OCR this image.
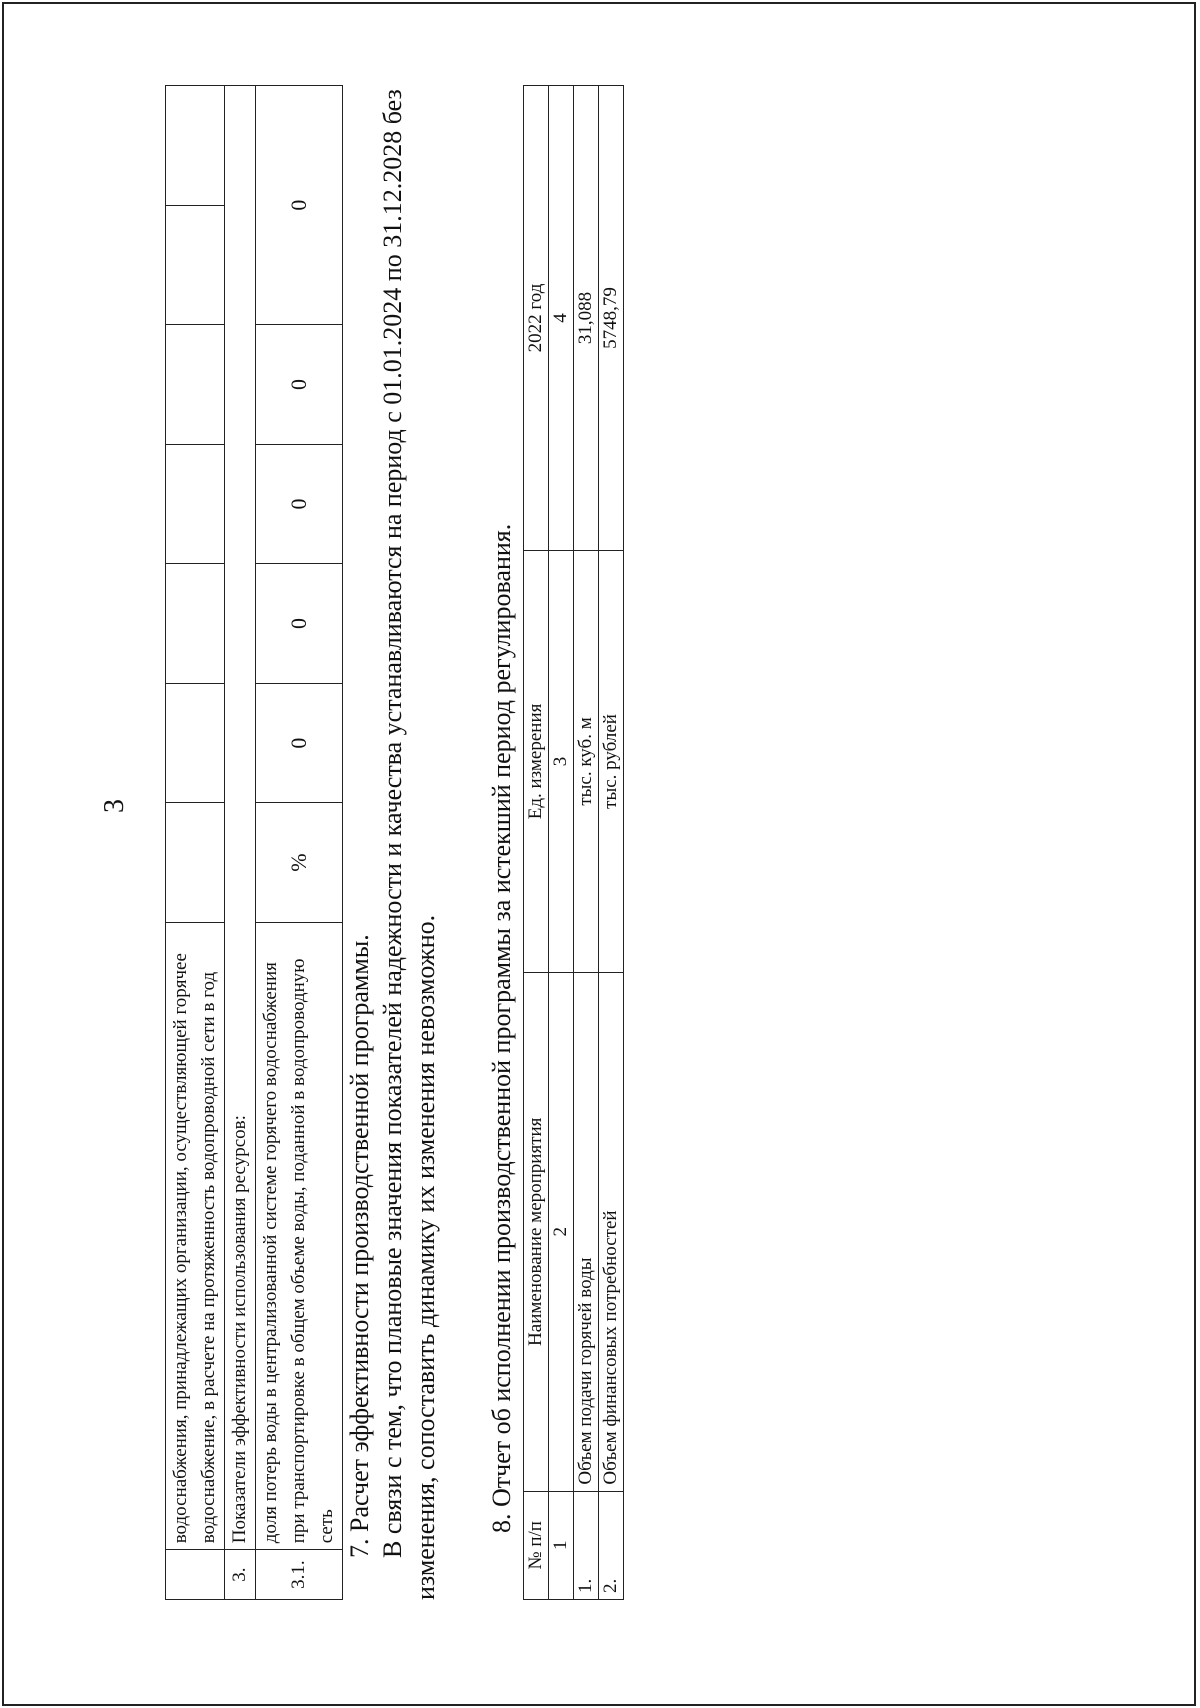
3
	водоснабжения, принадлежащих организации, осуществляющей горячее водоснабжение, в расчете на протяженность водопроводной сети в год							
3.	Показатели эффективности использования ресурсов:							
3.1.	доля потерь воды в централизованной системе горячего водоснабжения при транспортировке в общем объеме воды, поданной в водопроводную сеть	%	0	0	0	0	0	
7. Расчет эффективности производственной программы. В связи с тем, что плановые значения показателей надежности и качества устанавливаются на период с 01.01.2024 по 31.12.2028 без изменения, сопоставить динамику их изменения невозможно. 8. Отчет об исполнении производственной программы за истекший период регулирования.
№ п/п	Наименование мероприятия	Ед. измерения	2022 год
1	2	3	4
1.	Объем подачи горячей воды	тыс. куб. м	31,088
2.	Объем финансовых потребностей	тыс. рублей	5748,79
